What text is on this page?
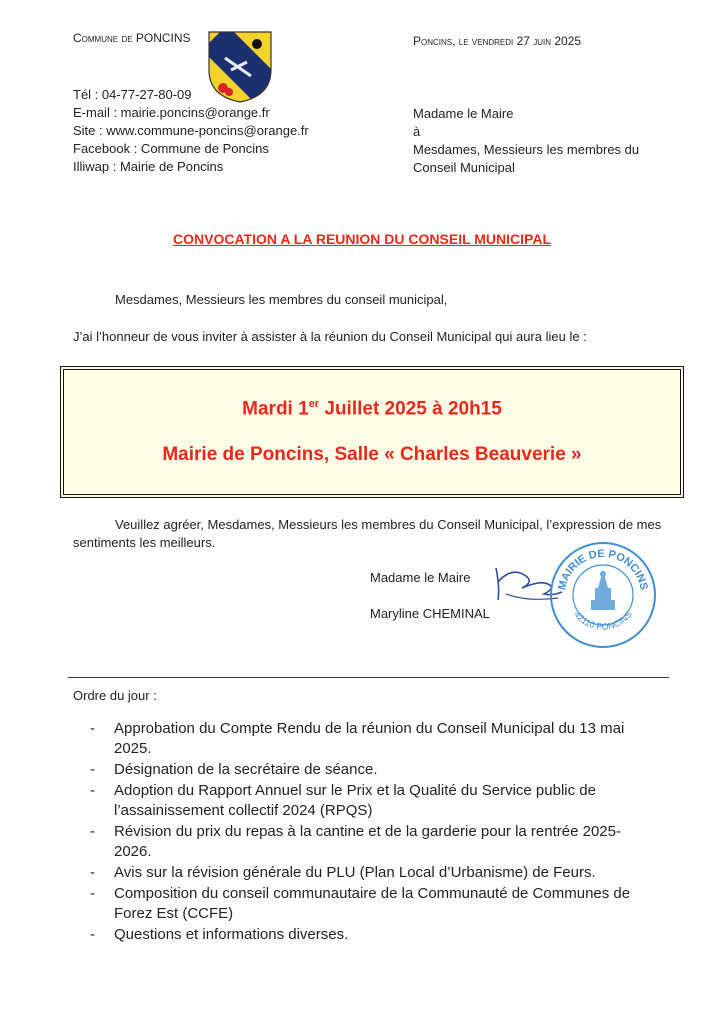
Commune de PONCINS	Poncins, le vendredi 27 juin 2025
Tél : 04-77-27-80-09
E-mail : mairie.poncins@orange.fr
Site : www.commune-poncins@orange.fr
Facebook : Commune de Poncins
Illiwap : Mairie de Poncins
Madame le Maire
à
Mesdames, Messieurs les membres du
Conseil Municipal
CONVOCATION A LA REUNION DU CONSEIL MUNICIPAL
Mesdames, Messieurs les membres du conseil municipal,
J’ai l’honneur de vous inviter à assister à la réunion du Conseil Municipal qui aura lieu le :
Mardi 1er Juillet 2025 à 20h15
Mairie de Poncins, Salle « Charles Beauverie »
Veuillez agréer, Mesdames, Messieurs les membres du Conseil Municipal, l’expression de mes sentiments les meilleurs.
Madame le Maire
Maryline CHEMINAL
MAIRIE DE PONCINS
42110 PONCINS
Ordre du jour :
- Approbation du Compte Rendu de la réunion du Conseil Municipal du 13 mai 2025.
- Désignation de la secrétaire de séance.
- Adoption du Rapport Annuel sur le Prix et la Qualité du Service public de l’assainissement collectif 2024 (RPQS)
- Révision du prix du repas à la cantine et de la garderie pour la rentrée 2025-2026.
- Avis sur la révision générale du PLU (Plan Local d’Urbanisme) de Feurs.
- Composition du conseil communautaire de la Communauté de Communes de Forez Est (CCFE)
- Questions et informations diverses.
